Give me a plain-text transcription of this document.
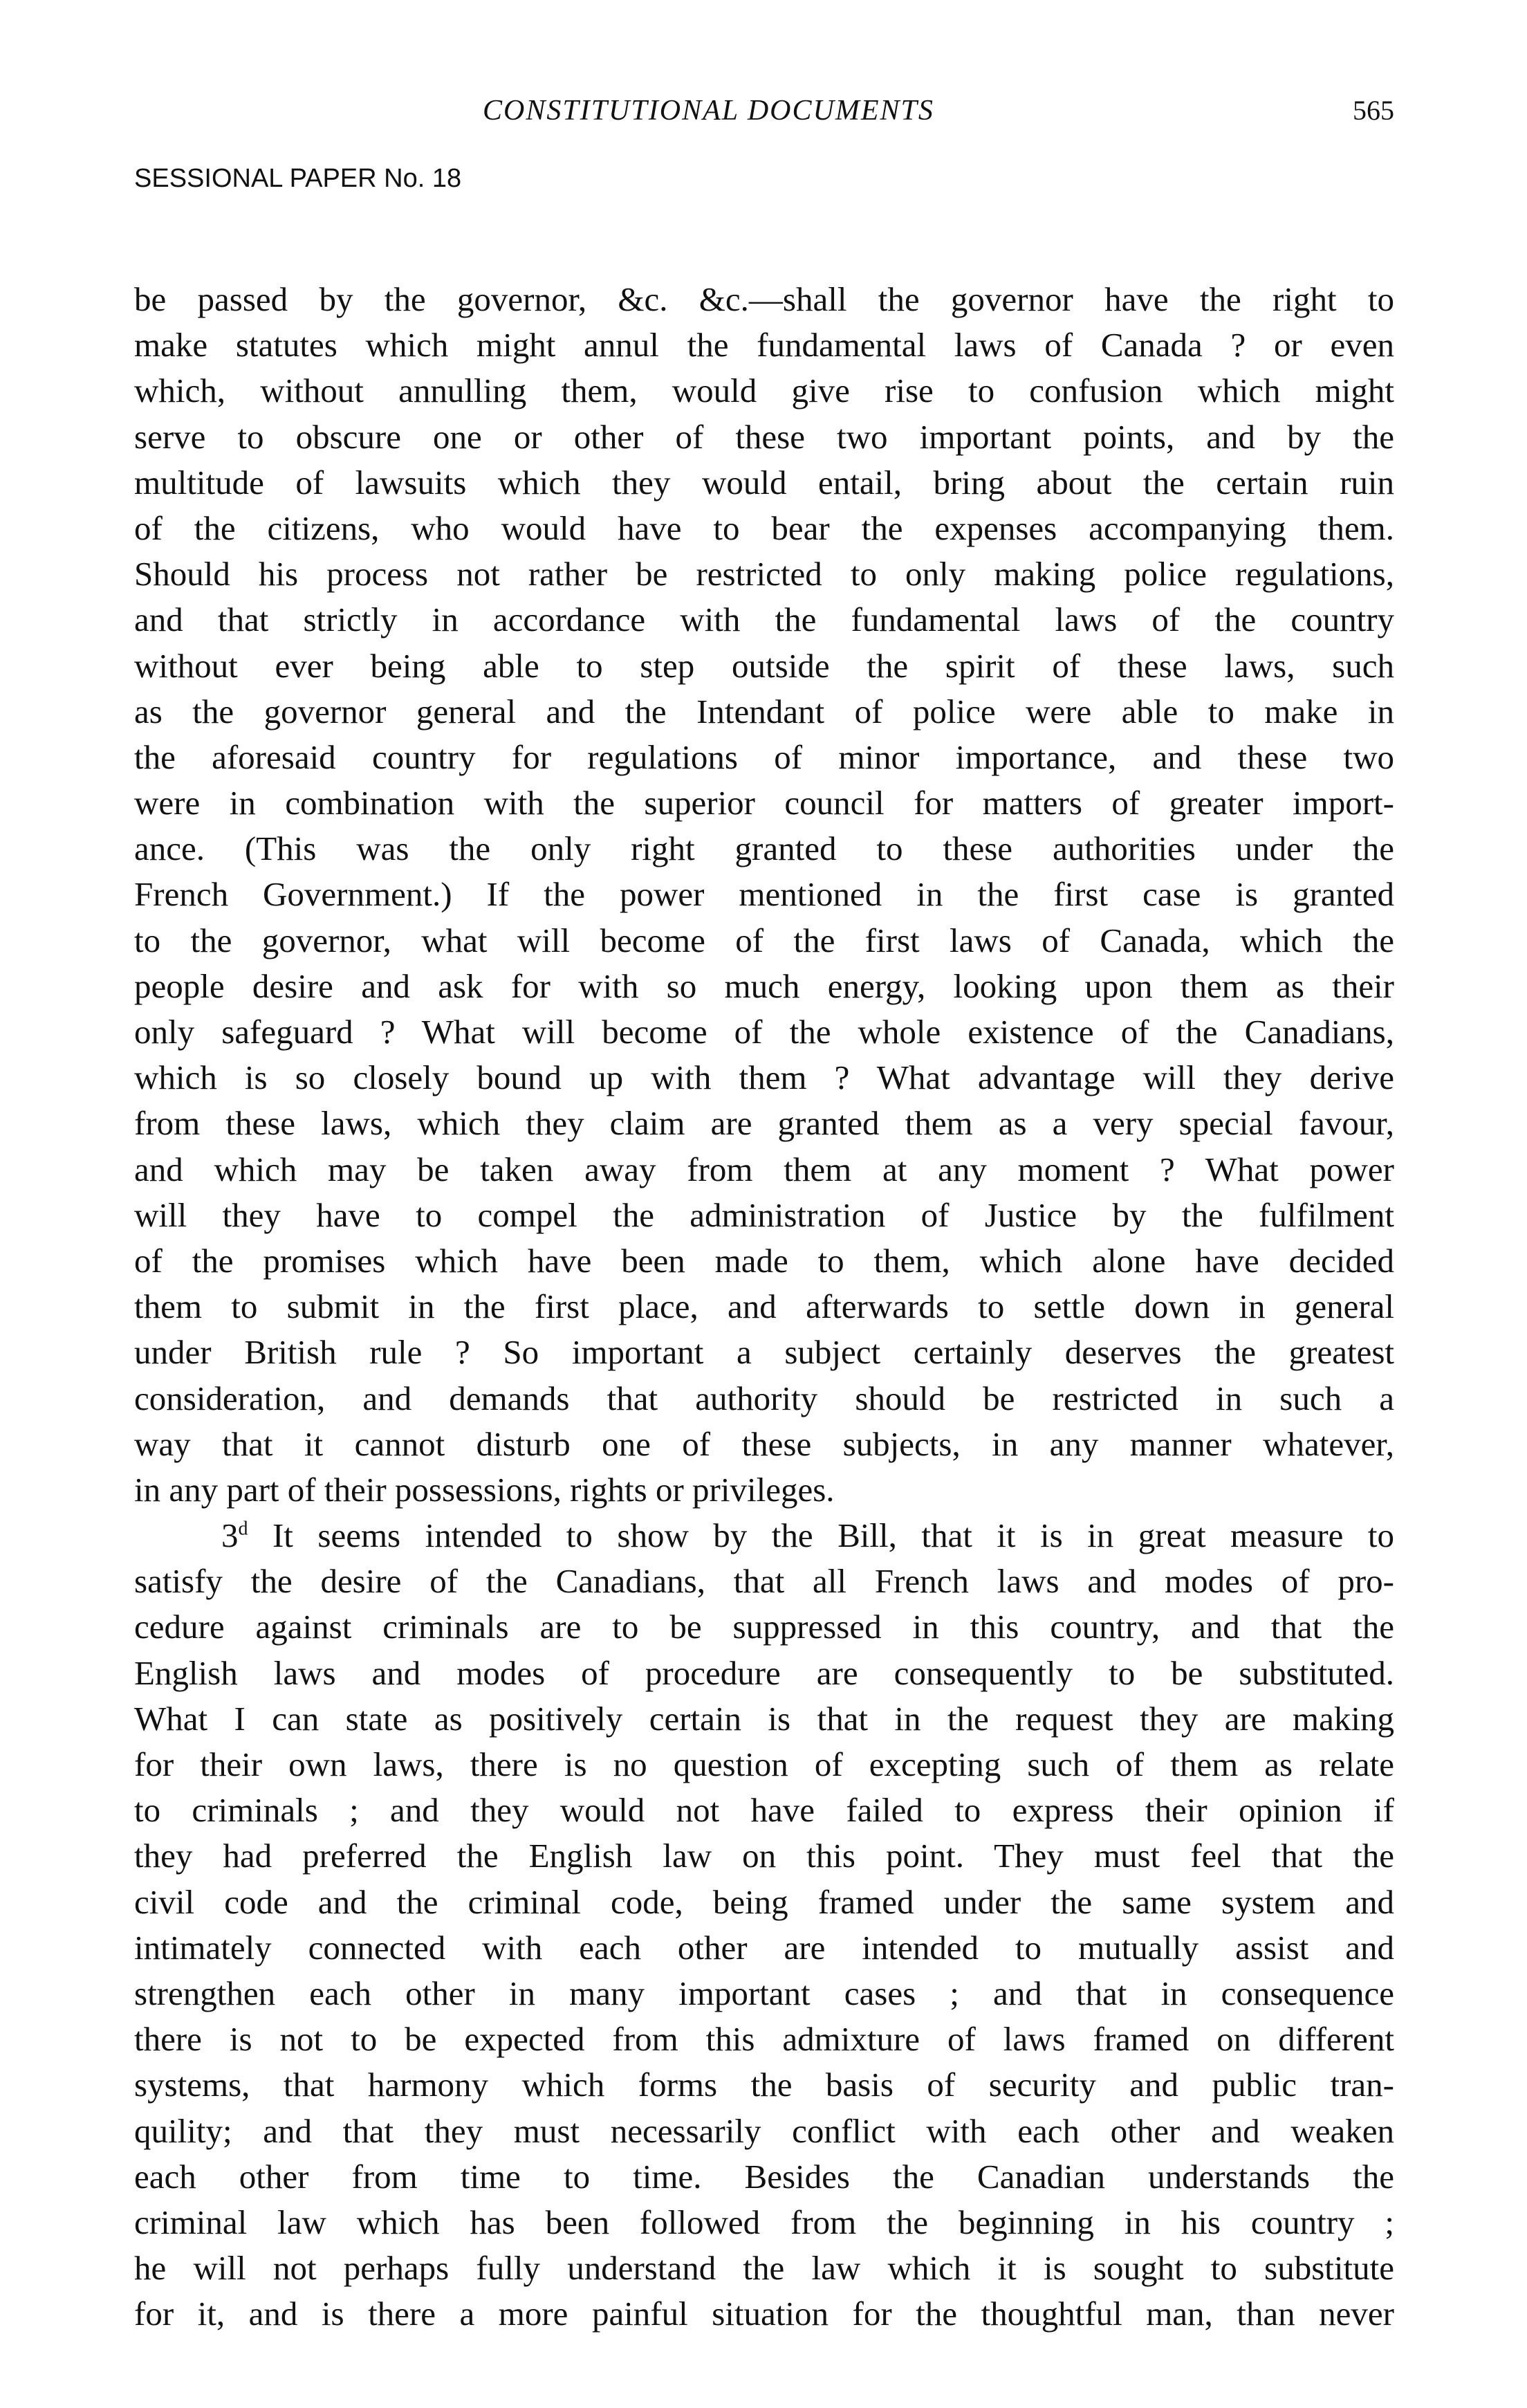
CONSTITUTIONAL DOCUMENTS	565
SESSIONAL PAPER No. 18
be passed by the governor, &c. &c.—shall the governor have the right to
make statutes which might annul the fundamental laws of Canada ? or even
which, without annulling them, would give rise to confusion which might
serve to obscure one or other of these two important points, and by the
multitude of lawsuits which they would entail, bring about the certain ruin
of the citizens, who would have to bear the expenses accompanying them.
Should his process not rather be restricted to only making police regulations,
and that strictly in accordance with the fundamental laws of the country
without ever being able to step outside the spirit of these laws, such
as the governor general and the Intendant of police were able to make in
the aforesaid country for regulations of minor importance, and these two
were in combination with the superior council for matters of greater import-
ance. (This was the only right granted to these authorities under the
French Government.) If the power mentioned in the first case is granted
to the governor, what will become of the first laws of Canada, which the
people desire and ask for with so much energy, looking upon them as their
only safeguard ? What will become of the whole existence of the Canadians,
which is so closely bound up with them ? What advantage will they derive
from these laws, which they claim are granted them as a very special favour,
and which may be taken away from them at any moment ? What power
will they have to compel the administration of Justice by the fulfilment
of the promises which have been made to them, which alone have decided
them to submit in the first place, and afterwards to settle down in general
under British rule ? So important a subject certainly deserves the greatest
consideration, and demands that authority should be restricted in such a
way that it cannot disturb one of these subjects, in any manner whatever,
in any part of their possessions, rights or privileges.
3$^d$ It seems intended to show by the Bill, that it is in great measure to
satisfy the desire of the Canadians, that all French laws and modes of pro-
cedure against criminals are to be suppressed in this country, and that the
English laws and modes of procedure are consequently to be substituted.
What I can state as positively certain is that in the request they are making
for their own laws, there is no question of excepting such of them as relate
to criminals ; and they would not have failed to express their opinion if
they had preferred the English law on this point. They must feel that the
civil code and the criminal code, being framed under the same system and
intimately connected with each other are intended to mutually assist and
strengthen each other in many important cases ; and that in consequence
there is not to be expected from this admixture of laws framed on different
systems, that harmony which forms the basis of security and public tran-
quility; and that they must necessarily conflict with each other and weaken
each other from time to time. Besides the Canadian understands the
criminal law which has been followed from the beginning in his country ;
he will not perhaps fully understand the law which it is sought to substitute
for it, and is there a more painful situation for the thoughtful man, than never
